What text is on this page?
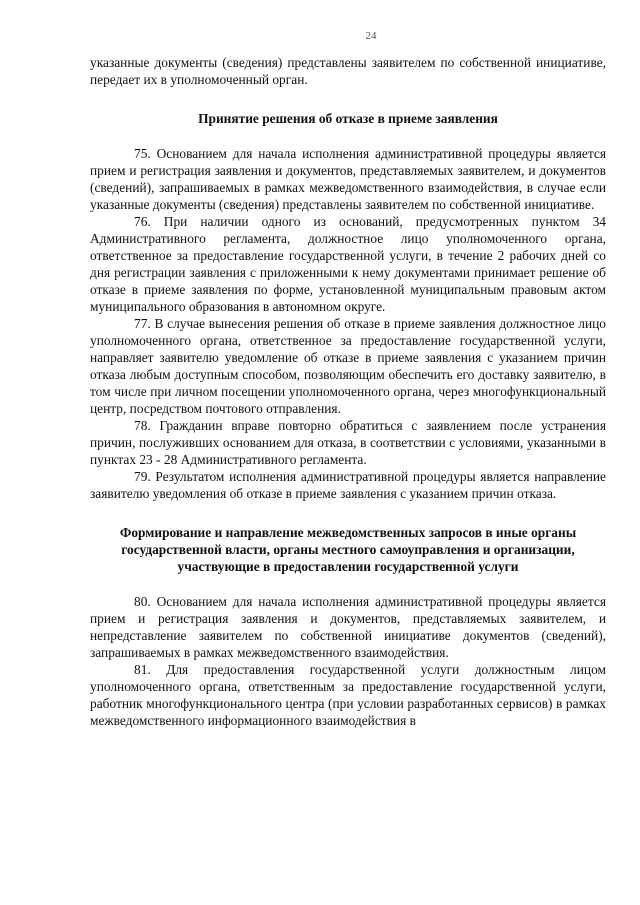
24

указанные документы (сведения) представлены заявителем по собственной инициативе, передает их в уполномоченный орган.

Принятие решения об отказе в приеме заявления

75. Основанием для начала исполнения административной процедуры является прием и регистрация заявления и документов, представляемых заявителем, и документов (сведений), запрашиваемых в рамках межведомственного взаимодействия, в случае если указанные документы (сведения) представлены заявителем по собственной инициативе.

76. При наличии одного из оснований, предусмотренных пунктом 34 Административного регламента, должностное лицо уполномоченного органа, ответственное за предоставление государственной услуги, в течение 2 рабочих дней со дня регистрации заявления с приложенными к нему документами принимает решение об отказе в приеме заявления по форме, установленной муниципальным правовым актом муниципального образования в автономном округе.

77. В случае вынесения решения об отказе в приеме заявления должностное лицо уполномоченного органа, ответственное за предоставление государственной услуги, направляет заявителю уведомление об отказе в приеме заявления с указанием причин отказа любым доступным способом, позволяющим обеспечить его доставку заявителю, в том числе при личном посещении уполномоченного органа, через многофункциональный центр, посредством почтового отправления.

78. Гражданин вправе повторно обратиться с заявлением после устранения причин, послуживших основанием для отказа, в соответствии с условиями, указанными в пунктах 23 - 28 Административного регламента.

79. Результатом исполнения административной процедуры является направление заявителю уведомления об отказе в приеме заявления с указанием причин отказа.

Формирование и направление межведомственных запросов в иные органы государственной власти, органы местного самоуправления и организации, участвующие в предоставлении государственной услуги

80. Основанием для начала исполнения административной процедуры является прием и регистрация заявления и документов, представляемых заявителем, и непредставление заявителем по собственной инициативе документов (сведений), запрашиваемых в рамках межведомственного взаимодействия.

81. Для предоставления государственной услуги должностным лицом уполномоченного органа, ответственным за предоставление государственной услуги, работник многофункционального центра (при условии разработанных сервисов) в рамках межведомственного информационного взаимодействия в
